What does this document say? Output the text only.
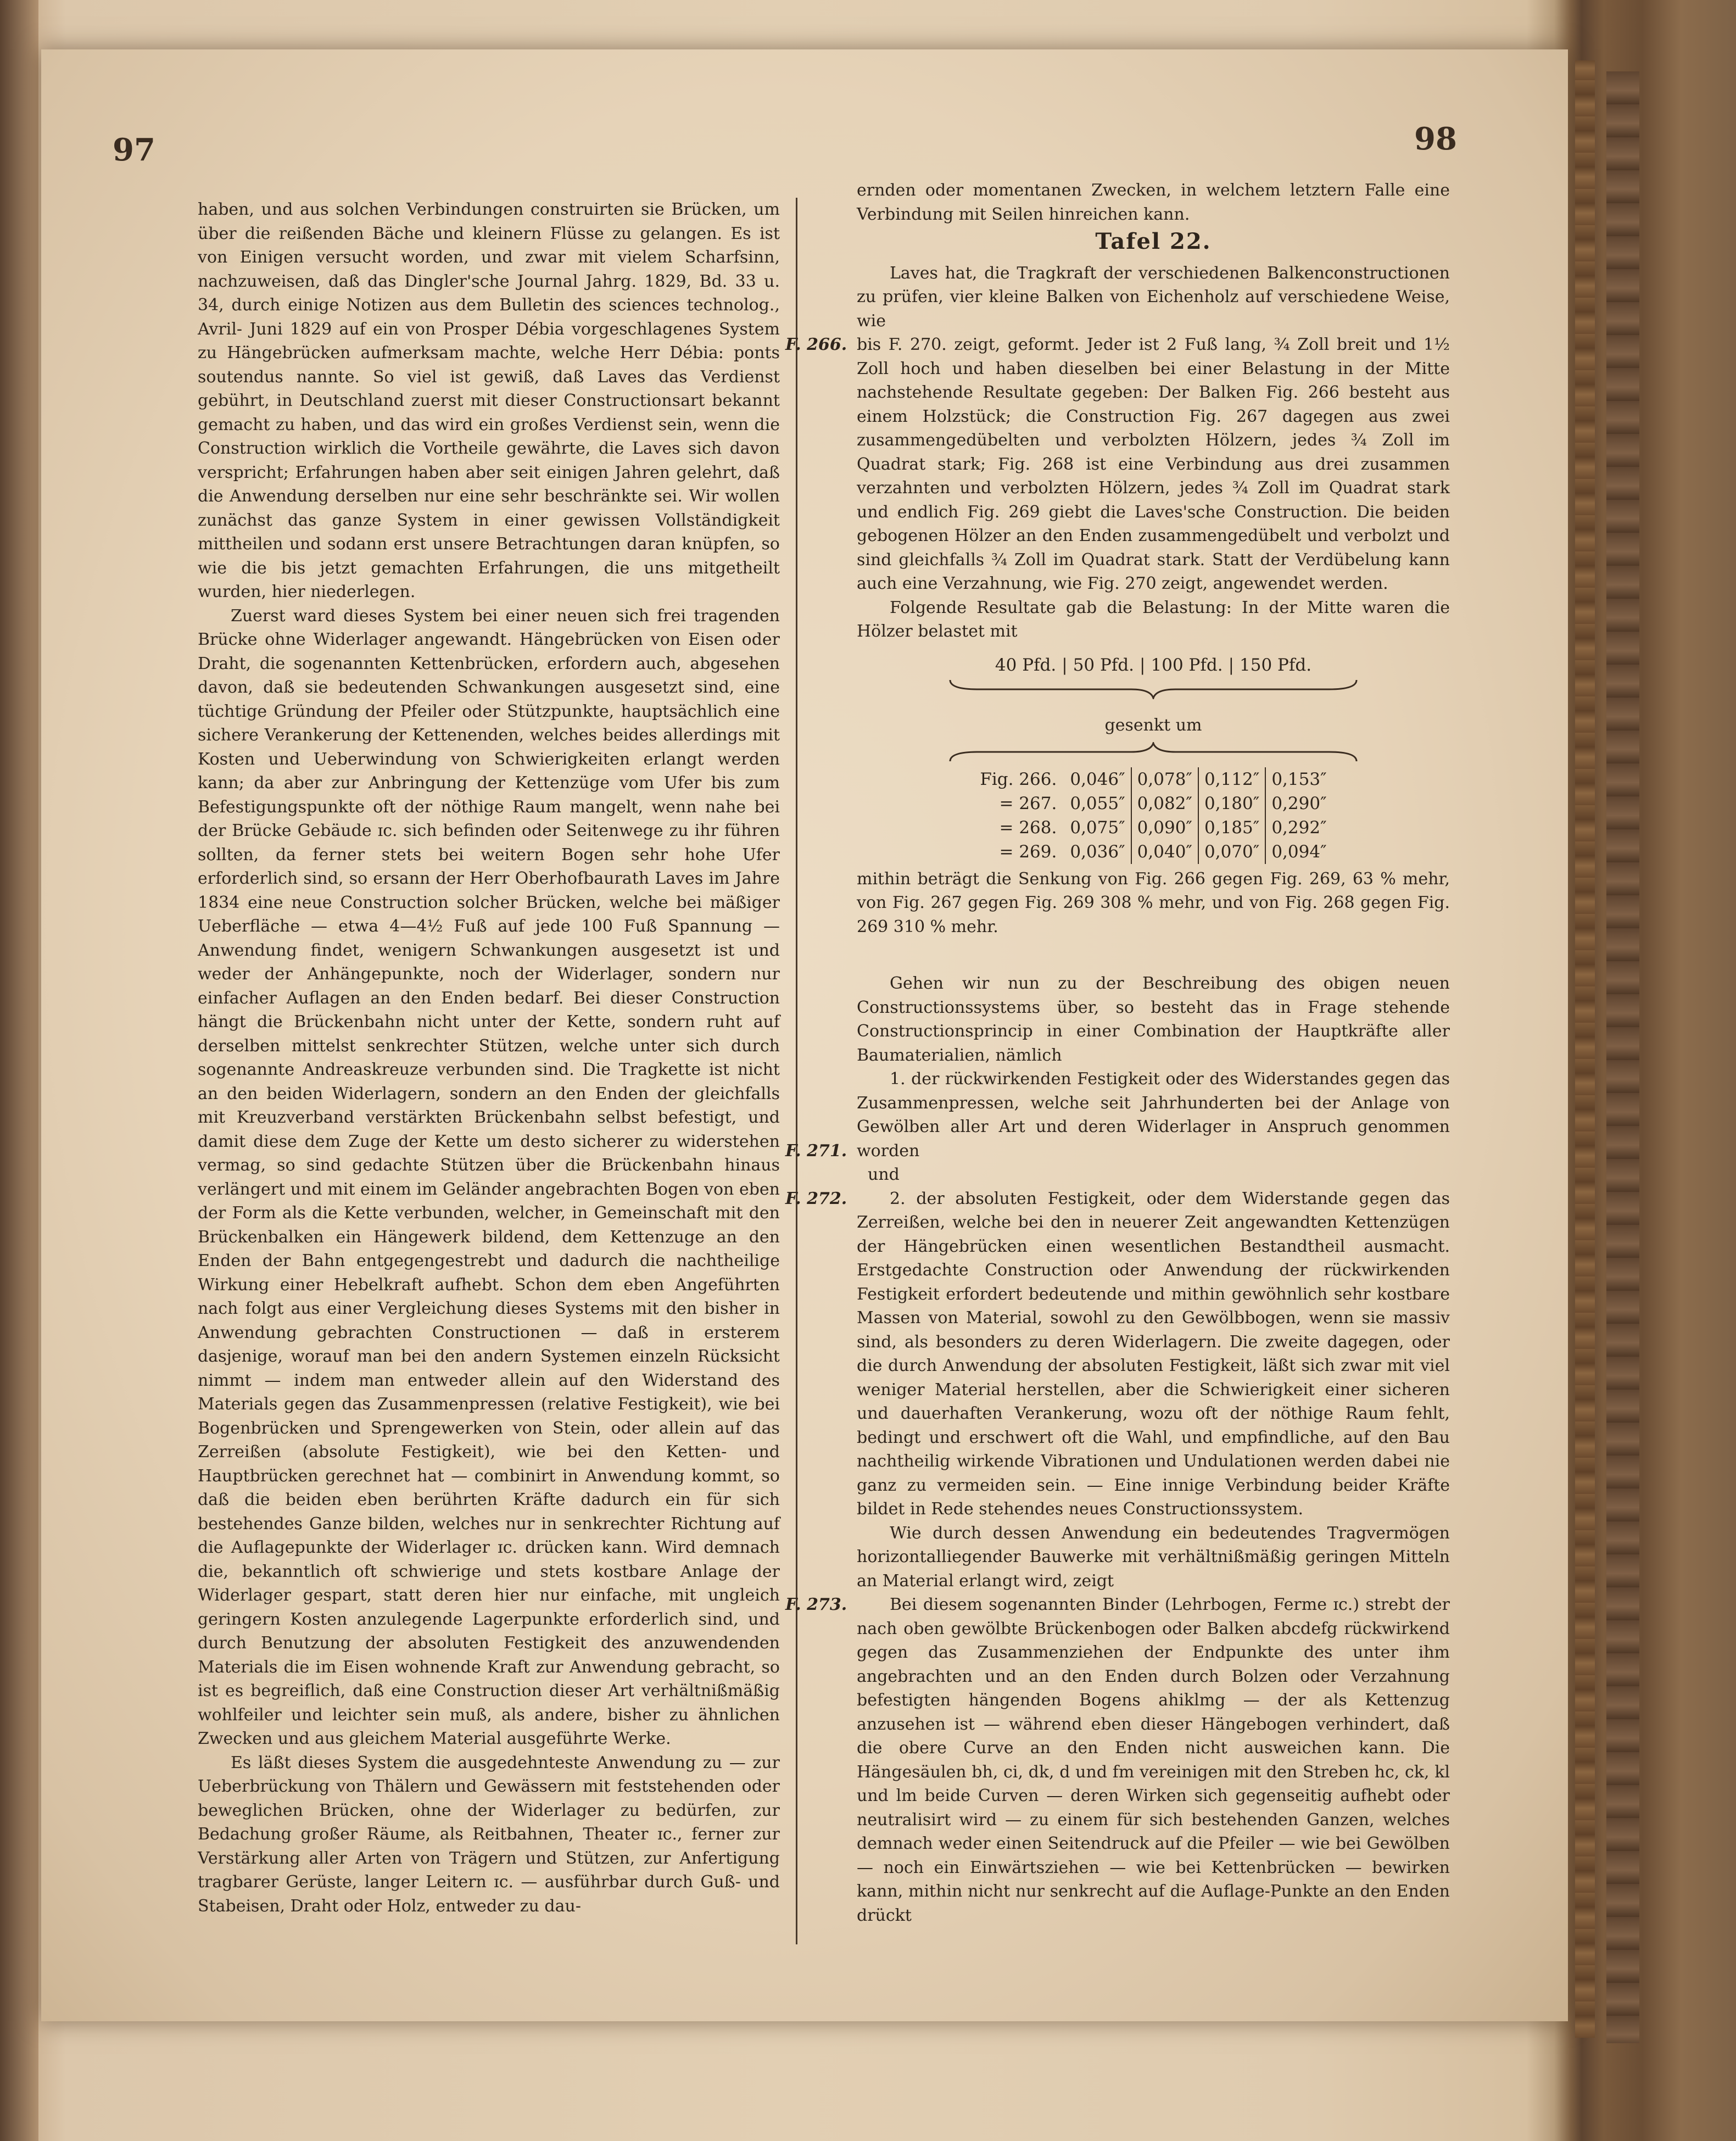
97	98

haben, und aus solchen Verbindungen construirten sie Brücken, um über die reißenden Bäche und kleinern Flüsse zu gelangen. Es ist von Einigen versucht worden, und zwar mit vielem Scharfsinn, nachzuweisen, daß das Dingler'sche Journal Jahrg. 1829, Bd. 33 u. 34, durch einige Notizen aus dem Bulletin des sciences technolog., Avril- Juni 1829 auf ein von Prosper Débia vorgeschlagenes System zu Hängebrücken aufmerksam machte, welche Herr Débia: ponts soutendus nannte. So viel ist gewiß, daß Laves das Verdienst gebührt, in Deutschland zuerst mit dieser Constructionsart bekannt gemacht zu haben, und das wird ein großes Verdienst sein, wenn die Construction wirklich die Vortheile gewährte, die Laves sich davon verspricht; Erfahrungen haben aber seit einigen Jahren gelehrt, daß die Anwendung derselben nur eine sehr beschränkte sei. Wir wollen zunächst das ganze System in einer gewissen Vollständigkeit mittheilen und sodann erst unsere Betrachtungen daran knüpfen, so wie die bis jetzt gemachten Erfahrungen, die uns mitgetheilt wurden, hier niederlegen.

Zuerst ward dieses System bei einer neuen sich frei tragenden Brücke ohne Widerlager angewandt. Hängebrücken von Eisen oder Draht, die sogenannten Kettenbrücken, erfordern auch, abgesehen davon, daß sie bedeutenden Schwankungen ausgesetzt sind, eine tüchtige Gründung der Pfeiler oder Stützpunkte, hauptsächlich eine sichere Verankerung der Kettenenden, welches beides allerdings mit Kosten und Ueberwindung von Schwierigkeiten erlangt werden kann; da aber zur Anbringung der Kettenzüge vom Ufer bis zum Befestigungspunkte oft der nöthige Raum mangelt, wenn nahe bei der Brücke Gebäude ɪc. sich befinden oder Seitenwege zu ihr führen sollten, da ferner stets bei weitern Bogen sehr hohe Ufer erforderlich sind, so ersann der Herr Oberhofbaurath Laves im Jahre 1834 eine neue Construction solcher Brücken, welche bei mäßiger Ueberfläche — etwa 4—4½ Fuß auf jede 100 Fuß Spannung — Anwendung findet, wenigern Schwankungen ausgesetzt ist und weder der Anhängepunkte, noch der Widerlager, sondern nur einfacher Auflagen an den Enden bedarf. Bei dieser Construction hängt die Brückenbahn nicht unter der Kette, sondern ruht auf derselben mittelst senkrechter Stützen, welche unter sich durch sogenannte Andreaskreuze verbunden sind. Die Tragkette ist nicht an den beiden Widerlagern, sondern an den Enden der gleichfalls mit Kreuzverband verstärkten Brückenbahn selbst befestigt, und damit diese dem Zuge der Kette um desto sicherer zu widerstehen vermag, so sind gedachte Stützen über die Brückenbahn hinaus verlängert und mit einem im Geländer angebrachten Bogen von eben der Form als die Kette verbunden, welcher, in Gemeinschaft mit den Brückenbalken ein Hängewerk bildend, dem Kettenzuge an den Enden der Bahn entgegengestrebt und dadurch die nachtheilige Wirkung einer Hebelkraft aufhebt. Schon dem eben Angeführten nach folgt aus einer Vergleichung dieses Systems mit den bisher in Anwendung gebrachten Constructionen — daß in ersterem dasjenige, worauf man bei den andern Systemen einzeln Rücksicht nimmt — indem man entweder allein auf den Widerstand des Materials gegen das Zusammenpressen (relative Festigkeit), wie bei Bogenbrücken und Sprengewerken von Stein, oder allein auf das Zerreißen (absolute Festigkeit), wie bei den Ketten- und Hauptbrücken gerechnet hat — combinirt in Anwendung kommt, so daß die beiden eben berührten Kräfte dadurch ein für sich bestehendes Ganze bilden, welches nur in senkrechter Richtung auf die Auflagepunkte der Widerlager ɪc. drücken kann. Wird demnach die, bekanntlich oft schwierige und stets kostbare Anlage der Widerlager gespart, statt deren hier nur einfache, mit ungleich geringern Kosten anzulegende Lagerpunkte erforderlich sind, und durch Benutzung der absoluten Festigkeit des anzuwendenden Materials die im Eisen wohnende Kraft zur Anwendung gebracht, so ist es begreiflich, daß eine Construction dieser Art verhältnißmäßig wohlfeiler und leichter sein muß, als andere, bisher zu ähnlichen Zwecken und aus gleichem Material ausgeführte Werke.

Es läßt dieses System die ausgedehnteste Anwendung zu — zur Ueberbrückung von Thälern und Gewässern mit feststehenden oder beweglichen Brücken, ohne der Widerlager zu bedürfen, zur Bedachung großer Räume, als Reitbahnen, Theater ɪc., ferner zur Verstärkung aller Arten von Trägern und Stützen, zur Anfertigung tragbarer Gerüste, langer Leitern ɪc. — ausführbar durch Guß- und Stabeisen, Draht oder Holz, entweder zu dau-

ernden oder momentanen Zwecken, in welchem letztern Falle eine Verbindung mit Seilen hinreichen kann.

Tafel 22.

Laves hat, die Tragkraft der verschiedenen Balkenconstructionen zu prüfen, vier kleine Balken von Eichenholz auf verschiedene Weise, wie

F. 266. bis F. 270. zeigt, geformt. Jeder ist 2 Fuß lang, ¾ Zoll breit und 1½ Zoll hoch und haben dieselben bei einer Belastung in der Mitte nachstehende Resultate gegeben: Der Balken Fig. 266 besteht aus einem Holzstück; die Construction Fig. 267 dagegen aus zwei zusammengedübelten und verbolzten Hölzern, jedes ¾ Zoll im Quadrat stark; Fig. 268 ist eine Verbindung aus drei zusammen verzahnten und verbolzten Hölzern, jedes ¾ Zoll im Quadrat stark und endlich Fig. 269 giebt die Laves'sche Construction. Die beiden gebogenen Hölzer an den Enden zusammengedübelt und verbolzt und sind gleichfalls ¾ Zoll im Quadrat stark. Statt der Verdübelung kann auch eine Verzahnung, wie Fig. 270 zeigt, angewendet werden.

Folgende Resultate gab die Belastung: In der Mitte waren die Hölzer belastet mit

40 Pfd. | 50 Pfd. | 100 Pfd. | 150 Pfd.
gesenkt um
Fig. 266.	0,046″	0,078″	0,112″	0,153″
= 267.	0,055″	0,082″	0,180″	0,290″
= 268.	0,075″	0,090″	0,185″	0,292″
= 269.	0,036″	0,040″	0,070″	0,094″

mithin beträgt die Senkung von Fig. 266 gegen Fig. 269, 63 % mehr, von Fig. 267 gegen Fig. 269 308 % mehr, und von Fig. 268 gegen Fig. 269 310 % mehr.

Gehen wir nun zu der Beschreibung des obigen neuen Constructionssystems über, so besteht das in Frage stehende Constructionsprincip in einer Combination der Hauptkräfte aller Baumaterialien, nämlich

1. der rückwirkenden Festigkeit oder des Widerstandes gegen das Zusammenpressen, welche seit Jahrhunderten bei der Anlage von Gewölben aller Art und deren Widerlager in Anspruch genommen worden

F. 271.
und

F. 272.	2. der absoluten Festigkeit, oder dem Widerstande gegen das Zerreißen, welche bei den in neuerer Zeit angewandten Kettenzügen der Hängebrücken einen wesentlichen Bestandtheil ausmacht. Erstgedachte Construction oder Anwendung der rückwirkenden Festigkeit erfordert bedeutende und mithin gewöhnlich sehr kostbare Massen von Material, sowohl zu den Gewölbbogen, wenn sie massiv sind, als besonders zu deren Widerlagern. Die zweite dagegen, oder die durch Anwendung der absoluten Festigkeit, läßt sich zwar mit viel weniger Material herstellen, aber die Schwierigkeit einer sicheren und dauerhaften Verankerung, wozu oft der nöthige Raum fehlt, bedingt und erschwert oft die Wahl, und empfindliche, auf den Bau nachtheilig wirkende Vibrationen und Undulationen werden dabei nie ganz zu vermeiden sein. — Eine innige Verbindung beider Kräfte bildet in Rede stehendes neues Constructionssystem.

Wie durch dessen Anwendung ein bedeutendes Tragvermögen horizontalliegender Bauwerke mit verhältnißmäßig geringen Mitteln an Material erlangt wird, zeigt

F. 273.	Bei diesem sogenannten Binder (Lehrbogen, Ferme ɪc.) strebt der nach oben gewölbte Brückenbogen oder Balken abcdefg rückwirkend gegen das Zusammenziehen der Endpunkte des unter ihm angebrachten und an den Enden durch Bolzen oder Verzahnung befestigten hängenden Bogens ahiklmg — der als Kettenzug anzusehen ist — während eben dieser Hängebogen verhindert, daß die obere Curve an den Enden nicht ausweichen kann. Die Hängesäulen bh, ci, dk, d und fm vereinigen mit den Streben hc, ck, kl und lm beide Curven — deren Wirken sich gegenseitig aufhebt oder neutralisirt wird — zu einem für sich bestehenden Ganzen, welches demnach weder einen Seitendruck auf die Pfeiler — wie bei Gewölben — noch ein Einwärtsziehen — wie bei Kettenbrücken — bewirken kann, mithin nicht nur senkrecht auf die Auflage-Punkte an den Enden drückt
